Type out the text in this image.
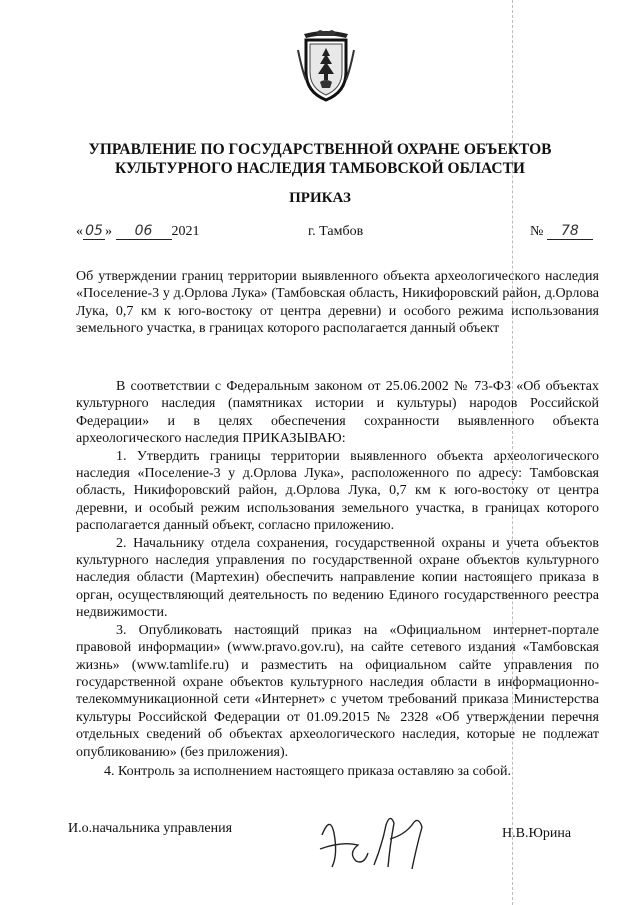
УПРАВЛЕНИЕ ПО ГОСУДАРСТВЕННОЙ ОХРАНЕ ОБЪЕКТОВ КУЛЬТУРНОГО НАСЛЕДИЯ ТАМБОВСКОЙ ОБЛАСТИ
ПРИКАЗ
« 05 » 06 2021	г. Тамбов	№ 78
Об утверждении границ территории выявленного объекта археологического наследия «Поселение-3 у д.Орлова Лука» (Тамбовская область, Никифоровский район, д.Орлова Лука, 0,7 км к юго-востоку от центра деревни) и особого режима использования земельного участка, в границах которого располагается данный объект

В соответствии с Федеральным законом от 25.06.2002 № 73-ФЗ «Об объектах культурного наследия (памятниках истории и культуры) народов Российской Федерации» и в целях обеспечения сохранности выявленного объекта археологического наследия ПРИКАЗЫВАЮ:

1. Утвердить границы территории выявленного объекта археологического наследия «Поселение-3 у д.Орлова Лука», расположенного по адресу: Тамбовская область, Никифоровский район, д.Орлова Лука, 0,7 км к юго-востоку от центра деревни, и особый режим использования земельного участка, в границах которого располагается данный объект, согласно приложению.

2. Начальнику отдела сохранения, государственной охраны и учета объектов культурного наследия управления по государственной охране объектов культурного наследия области (Мартехин) обеспечить направление копии настоящего приказа в орган, осуществляющий деятельность по ведению Единого государственного реестра недвижимости.

3. Опубликовать настоящий приказ на «Официальном интернет-портале правовой информации» (www.pravo.gov.ru), на сайте сетевого издания «Тамбовская жизнь» (www.tamlife.ru) и разместить на официальном сайте управления по государственной охране объектов культурного наследия области в информационно-телекоммуникационной сети «Интернет» с учетом требований приказа Министерства культуры Российской Федерации от 01.09.2015 № 2328 «Об утверждении перечня отдельных сведений об объектах археологического наследия, которые не подлежат опубликованию» (без приложения).

4. Контроль за исполнением настоящего приказа оставляю за собой.

И.о.начальника управления	Н.В.Юрина
